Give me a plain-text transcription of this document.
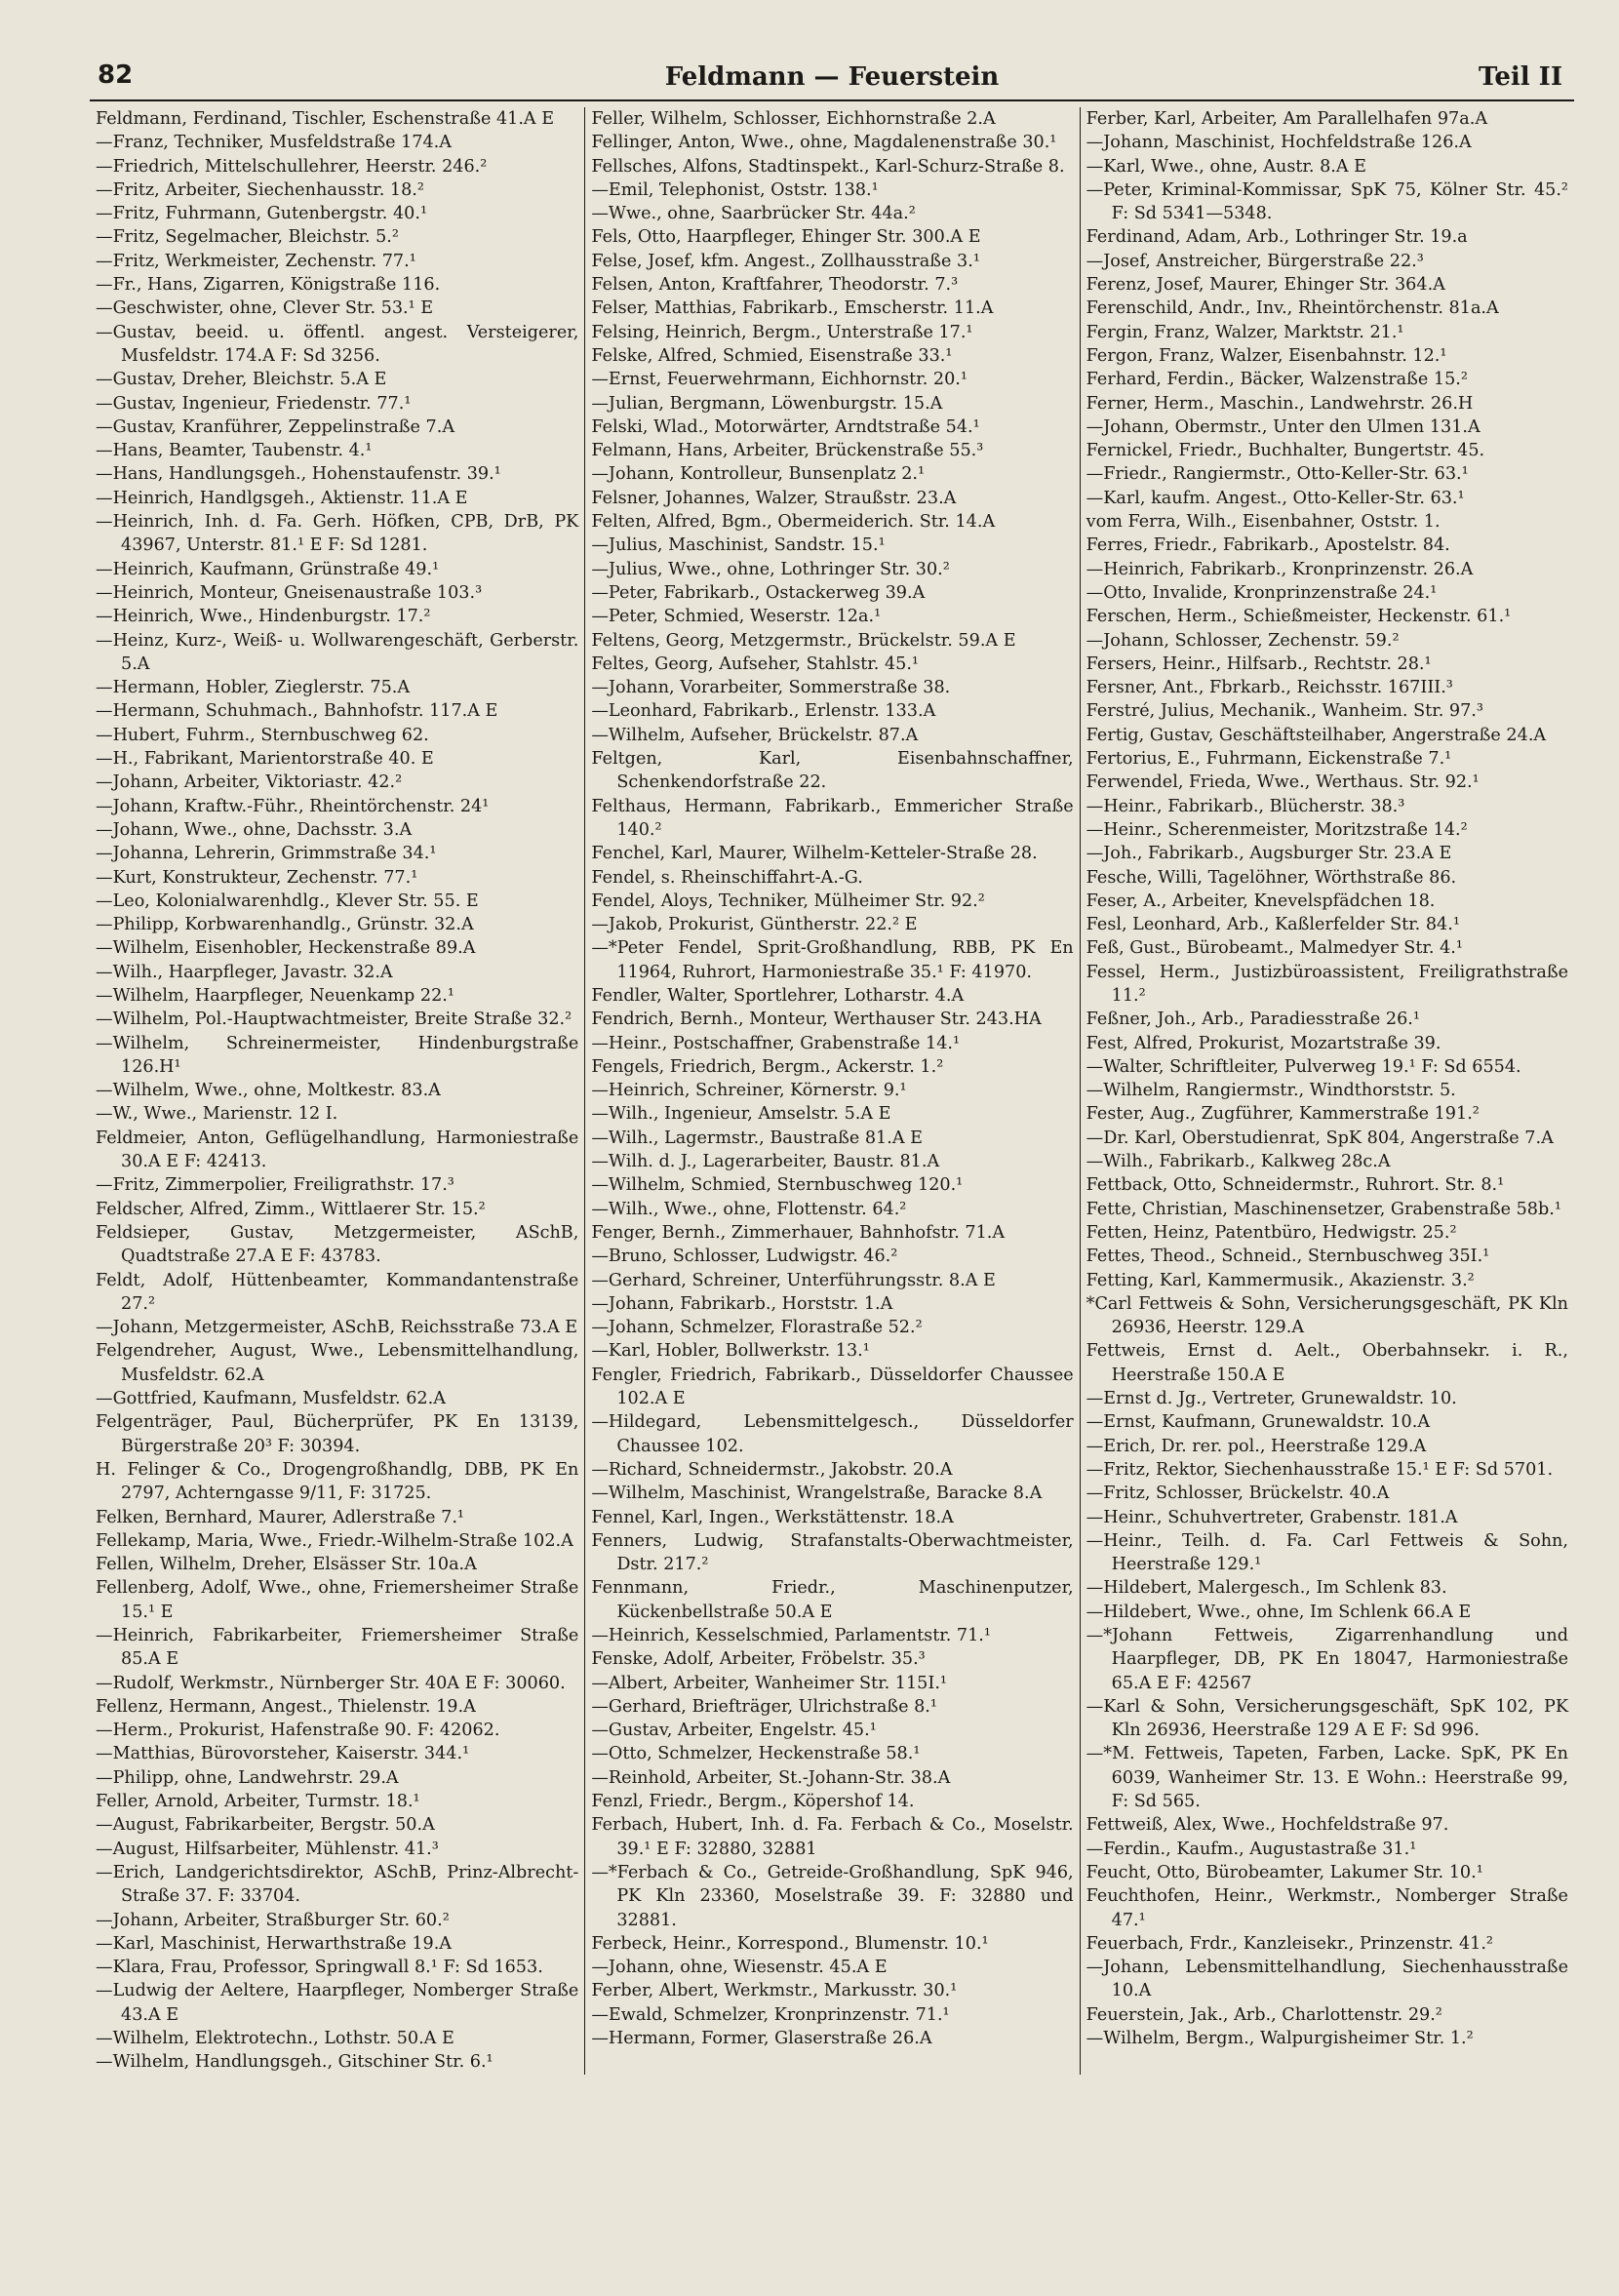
82	Feldmann — Feuerstein	Teil II
Feldmann, Ferdinand, Tischler, Eschenstraße 41.A E
—Franz, Techniker, Musfeldstraße 174.A
—Friedrich, Mittelschullehrer, Heerstr. 246.²
—Fritz, Arbeiter, Siechenhausstr. 18.²
—Fritz, Fuhrmann, Gutenbergstr. 40.¹
—Fritz, Segelmacher, Bleichstr. 5.²
—Fritz, Werkmeister, Zechenstr. 77.¹
—Fr., Hans, Zigarren, Königstraße 116.
—Geschwister, ohne, Clever Str. 53.¹ E
—Gustav, beeid. u. öffentl. angest. Versteigerer, Musfeldstr. 174.A F: Sd 3256.
—Gustav, Dreher, Bleichstr. 5.A E
—Gustav, Ingenieur, Friedenstr. 77.¹
—Gustav, Kranführer, Zeppelinstraße 7.A
—Hans, Beamter, Taubenstr. 4.¹
—Hans, Handlungsgeh., Hohenstaufenstr. 39.¹
—Heinrich, Handlgsgeh., Aktienstr. 11.A E
—Heinrich, Inh. d. Fa. Gerh. Höfken, CPB, DrB, PK 43967, Unterstr. 81.¹ E F: Sd 1281.
—Heinrich, Kaufmann, Grünstraße 49.¹
—Heinrich, Monteur, Gneisenaustraße 103.³
—Heinrich, Wwe., Hindenburgstr. 17.²
—Heinz, Kurz-, Weiß- u. Wollwarengeschäft, Gerberstr. 5.A
—Hermann, Hobler, Zieglerstr. 75.A
—Hermann, Schuhmach., Bahnhofstr. 117.A E
—Hubert, Fuhrm., Sternbuschweg 62.
—H., Fabrikant, Marientorstraße 40. E
—Johann, Arbeiter, Viktoriastr. 42.²
—Johann, Kraftw.-Führ., Rheintörchenstr. 24¹
—Johann, Wwe., ohne, Dachsstr. 3.A
—Johanna, Lehrerin, Grimmstraße 34.¹
—Kurt, Konstrukteur, Zechenstr. 77.¹
—Leo, Kolonialwarenhdlg., Klever Str. 55. E
—Philipp, Korbwarenhandlg., Grünstr. 32.A
—Wilhelm, Eisenhobler, Heckenstraße 89.A
—Wilh., Haarpfleger, Javastr. 32.A
—Wilhelm, Haarpfleger, Neuenkamp 22.¹
—Wilhelm, Pol.-Hauptwachtmeister, Breite Straße 32.²
—Wilhelm, Schreinermeister, Hindenburgstraße 126.H¹
—Wilhelm, Wwe., ohne, Moltkestr. 83.A
—W., Wwe., Marienstr. 12 I.
Feldmeier, Anton, Geflügelhandlung, Harmoniestraße 30.A E F: 42413.
—Fritz, Zimmerpolier, Freiligrathstr. 17.³
Feldscher, Alfred, Zimm., Wittlaerer Str. 15.²
Feldsieper, Gustav, Metzgermeister, ASchB, Quadtstraße 27.A E F: 43783.
Feldt, Adolf, Hüttenbeamter, Kommandantenstraße 27.²
—Johann, Metzgermeister, ASchB, Reichsstraße 73.A E
Felgendreher, August, Wwe., Lebensmittelhandlung, Musfeldstr. 62.A
—Gottfried, Kaufmann, Musfeldstr. 62.A
Felgenträger, Paul, Bücherprüfer, PK En 13139, Bürgerstraße 20³ F: 30394.
H. Felinger & Co., Drogengroßhandlg, DBB, PK En 2797, Achterngasse 9/11, F: 31725.
Felken, Bernhard, Maurer, Adlerstraße 7.¹
Fellekamp, Maria, Wwe., Friedr.-Wilhelm-Straße 102.A
Fellen, Wilhelm, Dreher, Elsässer Str. 10a.A
Fellenberg, Adolf, Wwe., ohne, Friemersheimer Straße 15.¹ E
—Heinrich, Fabrikarbeiter, Friemersheimer Straße 85.A E
—Rudolf, Werkmstr., Nürnberger Str. 40A E F: 30060.
Fellenz, Hermann, Angest., Thielenstr. 19.A
—Herm., Prokurist, Hafenstraße 90. F: 42062.
—Matthias, Bürovorsteher, Kaiserstr. 344.¹
—Philipp, ohne, Landwehrstr. 29.A
Feller, Arnold, Arbeiter, Turmstr. 18.¹
—August, Fabrikarbeiter, Bergstr. 50.A
—August, Hilfsarbeiter, Mühlenstr. 41.³
—Erich, Landgerichtsdirektor, ASchB, Prinz-Albrecht-Straße 37. F: 33704.
—Johann, Arbeiter, Straßburger Str. 60.²
—Karl, Maschinist, Herwarthstraße 19.A
—Klara, Frau, Professor, Springwall 8.¹ F: Sd 1653.
—Ludwig der Aeltere, Haarpfleger, Nomberger Straße 43.A E
—Wilhelm, Elektrotechn., Lothstr. 50.A E
—Wilhelm, Handlungsgeh., Gitschiner Str. 6.¹
Feller, Wilhelm, Schlosser, Eichhornstraße 2.A
Fellinger, Anton, Wwe., ohne, Magdalenenstraße 30.¹
Fellsches, Alfons, Stadtinspekt., Karl-Schurz-Straße 8.
—Emil, Telephonist, Oststr. 138.¹
—Wwe., ohne, Saarbrücker Str. 44a.²
Fels, Otto, Haarpfleger, Ehinger Str. 300.A E
Felse, Josef, kfm. Angest., Zollhausstraße 3.¹
Felsen, Anton, Kraftfahrer, Theodorstr. 7.³
Felser, Matthias, Fabrikarb., Emscherstr. 11.A
Felsing, Heinrich, Bergm., Unterstraße 17.¹
Felske, Alfred, Schmied, Eisenstraße 33.¹
—Ernst, Feuerwehrmann, Eichhornstr. 20.¹
—Julian, Bergmann, Löwenburgstr. 15.A
Felski, Wlad., Motorwärter, Arndtstraße 54.¹
Felmann, Hans, Arbeiter, Brückenstraße 55.³
—Johann, Kontrolleur, Bunsenplatz 2.¹
Felsner, Johannes, Walzer, Straußstr. 23.A
Felten, Alfred, Bgm., Obermeiderich. Str. 14.A
—Julius, Maschinist, Sandstr. 15.¹
—Julius, Wwe., ohne, Lothringer Str. 30.²
—Peter, Fabrikarb., Ostackerweg 39.A
—Peter, Schmied, Weserstr. 12a.¹
Feltens, Georg, Metzgermstr., Brückelstr. 59.A E
Feltes, Georg, Aufseher, Stahlstr. 45.¹
—Johann, Vorarbeiter, Sommerstraße 38.
—Leonhard, Fabrikarb., Erlenstr. 133.A
—Wilhelm, Aufseher, Brückelstr. 87.A
Feltgen, Karl, Eisenbahnschaffner, Schenkendorfstraße 22.
Felthaus, Hermann, Fabrikarb., Emmericher Straße 140.²
Fenchel, Karl, Maurer, Wilhelm-Ketteler-Straße 28.
Fendel, s. Rheinschiffahrt-A.-G.
Fendel, Aloys, Techniker, Mülheimer Str. 92.²
—Jakob, Prokurist, Güntherstr. 22.² E
—*Peter Fendel, Sprit-Großhandlung, RBB, PK En 11964, Ruhrort, Harmoniestraße 35.¹ F: 41970.
Fendler, Walter, Sportlehrer, Lotharstr. 4.A
Fendrich, Bernh., Monteur, Werthauser Str. 243.HA
—Heinr., Postschaffner, Grabenstraße 14.¹
Fengels, Friedrich, Bergm., Ackerstr. 1.²
—Heinrich, Schreiner, Körnerstr. 9.¹
—Wilh., Ingenieur, Amselstr. 5.A E
—Wilh., Lagermstr., Baustraße 81.A E
—Wilh. d. J., Lagerarbeiter, Baustr. 81.A
—Wilhelm, Schmied, Sternbuschweg 120.¹
—Wilh., Wwe., ohne, Flottenstr. 64.²
Fenger, Bernh., Zimmerhauer, Bahnhofstr. 71.A
—Bruno, Schlosser, Ludwigstr. 46.²
—Gerhard, Schreiner, Unterführungsstr. 8.A E
—Johann, Fabrikarb., Horststr. 1.A
—Johann, Schmelzer, Florastraße 52.²
—Karl, Hobler, Bollwerkstr. 13.¹
Fengler, Friedrich, Fabrikarb., Düsseldorfer Chaussee 102.A E
—Hildegard, Lebensmittelgesch., Düsseldorfer Chaussee 102.
—Richard, Schneidermstr., Jakobstr. 20.A
—Wilhelm, Maschinist, Wrangelstraße, Baracke 8.A
Fennel, Karl, Ingen., Werkstättenstr. 18.A
Fenners, Ludwig, Strafanstalts-Oberwachtmeister, Dstr. 217.²
Fennmann, Friedr., Maschinenputzer, Kückenbellstraße 50.A E
—Heinrich, Kesselschmied, Parlamentstr. 71.¹
Fenske, Adolf, Arbeiter, Fröbelstr. 35.³
—Albert, Arbeiter, Wanheimer Str. 115I.¹
—Gerhard, Briefträger, Ulrichstraße 8.¹
—Gustav, Arbeiter, Engelstr. 45.¹
—Otto, Schmelzer, Heckenstraße 58.¹
—Reinhold, Arbeiter, St.-Johann-Str. 38.A
Fenzl, Friedr., Bergm., Köpershof 14.
Ferbach, Hubert, Inh. d. Fa. Ferbach & Co., Moselstr. 39.¹ E F: 32880, 32881
—*Ferbach & Co., Getreide-Großhandlung, SpK 946, PK Kln 23360, Moselstraße 39. F: 32880 und 32881.
Ferbeck, Heinr., Korrespond., Blumenstr. 10.¹
—Johann, ohne, Wiesenstr. 45.A E
Ferber, Albert, Werkmstr., Markusstr. 30.¹
—Ewald, Schmelzer, Kronprinzenstr. 71.¹
—Hermann, Former, Glaserstraße 26.A
Ferber, Karl, Arbeiter, Am Parallelhafen 97a.A
—Johann, Maschinist, Hochfeldstraße 126.A
—Karl, Wwe., ohne, Austr. 8.A E
—Peter, Kriminal-Kommissar, SpK 75, Kölner Str. 45.² F: Sd 5341—5348.
Ferdinand, Adam, Arb., Lothringer Str. 19.a
—Josef, Anstreicher, Bürgerstraße 22.³
Ferenz, Josef, Maurer, Ehinger Str. 364.A
Ferenschild, Andr., Inv., Rheintörchenstr. 81a.A
Fergin, Franz, Walzer, Marktstr. 21.¹
Fergon, Franz, Walzer, Eisenbahnstr. 12.¹
Ferhard, Ferdin., Bäcker, Walzenstraße 15.²
Ferner, Herm., Maschin., Landwehrstr. 26.H
—Johann, Obermstr., Unter den Ulmen 131.A
Fernickel, Friedr., Buchhalter, Bungertstr. 45.
—Friedr., Rangiermstr., Otto-Keller-Str. 63.¹
—Karl, kaufm. Angest., Otto-Keller-Str. 63.¹
vom Ferra, Wilh., Eisenbahner, Oststr. 1.
Ferres, Friedr., Fabrikarb., Apostelstr. 84.
—Heinrich, Fabrikarb., Kronprinzenstr. 26.A
—Otto, Invalide, Kronprinzenstraße 24.¹
Ferschen, Herm., Schießmeister, Heckenstr. 61.¹
—Johann, Schlosser, Zechenstr. 59.²
Fersers, Heinr., Hilfsarb., Rechtstr. 28.¹
Fersner, Ant., Fbrkarb., Reichsstr. 167III.³
Ferstré, Julius, Mechanik., Wanheim. Str. 97.³
Fertig, Gustav, Geschäftsteilhaber, Angerstraße 24.A
Fertorius, E., Fuhrmann, Eickenstraße 7.¹
Ferwendel, Frieda, Wwe., Werthaus. Str. 92.¹
—Heinr., Fabrikarb., Blücherstr. 38.³
—Heinr., Scherenmeister, Moritzstraße 14.²
—Joh., Fabrikarb., Augsburger Str. 23.A E
Fesche, Willi, Tagelöhner, Wörthstraße 86.
Feser, A., Arbeiter, Knevelspfädchen 18.
Fesl, Leonhard, Arb., Kaßlerfelder Str. 84.¹
Feß, Gust., Bürobeamt., Malmedyer Str. 4.¹
Fessel, Herm., Justizbüroassistent, Freiligrathstraße 11.²
Feßner, Joh., Arb., Paradiesstraße 26.¹
Fest, Alfred, Prokurist, Mozartstraße 39.
—Walter, Schriftleiter, Pulverweg 19.¹ F: Sd 6554.
—Wilhelm, Rangiermstr., Windthorststr. 5.
Fester, Aug., Zugführer, Kammerstraße 191.²
—Dr. Karl, Oberstudienrat, SpK 804, Angerstraße 7.A
—Wilh., Fabrikarb., Kalkweg 28c.A
Fettback, Otto, Schneidermstr., Ruhrort. Str. 8.¹
Fette, Christian, Maschinensetzer, Grabenstraße 58b.¹
Fetten, Heinz, Patentbüro, Hedwigstr. 25.²
Fettes, Theod., Schneid., Sternbuschweg 35I.¹
Fetting, Karl, Kammermusik., Akazienstr. 3.²
*Carl Fettweis & Sohn, Versicherungsgeschäft, PK Kln 26936, Heerstr. 129.A
Fettweis, Ernst d. Aelt., Oberbahnsekr. i. R., Heerstraße 150.A E
—Ernst d. Jg., Vertreter, Grunewaldstr. 10.
—Ernst, Kaufmann, Grunewaldstr. 10.A
—Erich, Dr. rer. pol., Heerstraße 129.A
—Fritz, Rektor, Siechenhausstraße 15.¹ E F: Sd 5701.
—Fritz, Schlosser, Brückelstr. 40.A
—Heinr., Schuhvertreter, Grabenstr. 181.A
—Heinr., Teilh. d. Fa. Carl Fettweis & Sohn, Heerstraße 129.¹
—Hildebert, Malergesch., Im Schlenk 83.
—Hildebert, Wwe., ohne, Im Schlenk 66.A E
—*Johann Fettweis, Zigarrenhandlung und Haarpfleger, DB, PK En 18047, Harmoniestraße 65.A E F: 42567
—Karl & Sohn, Versicherungsgeschäft, SpK 102, PK Kln 26936, Heerstraße 129 A E F: Sd 996.
—*M. Fettweis, Tapeten, Farben, Lacke. SpK, PK En 6039, Wanheimer Str. 13. E Wohn.: Heerstraße 99, F: Sd 565.
Fettweiß, Alex, Wwe., Hochfeldstraße 97.
—Ferdin., Kaufm., Augustastraße 31.¹
Feucht, Otto, Bürobeamter, Lakumer Str. 10.¹
Feuchthofen, Heinr., Werkmstr., Nomberger Straße 47.¹
Feuerbach, Frdr., Kanzleisekr., Prinzenstr. 41.²
—Johann, Lebensmittelhandlung, Siechenhausstraße 10.A
Feuerstein, Jak., Arb., Charlottenstr. 29.²
—Wilhelm, Bergm., Walpurgisheimer Str. 1.²
